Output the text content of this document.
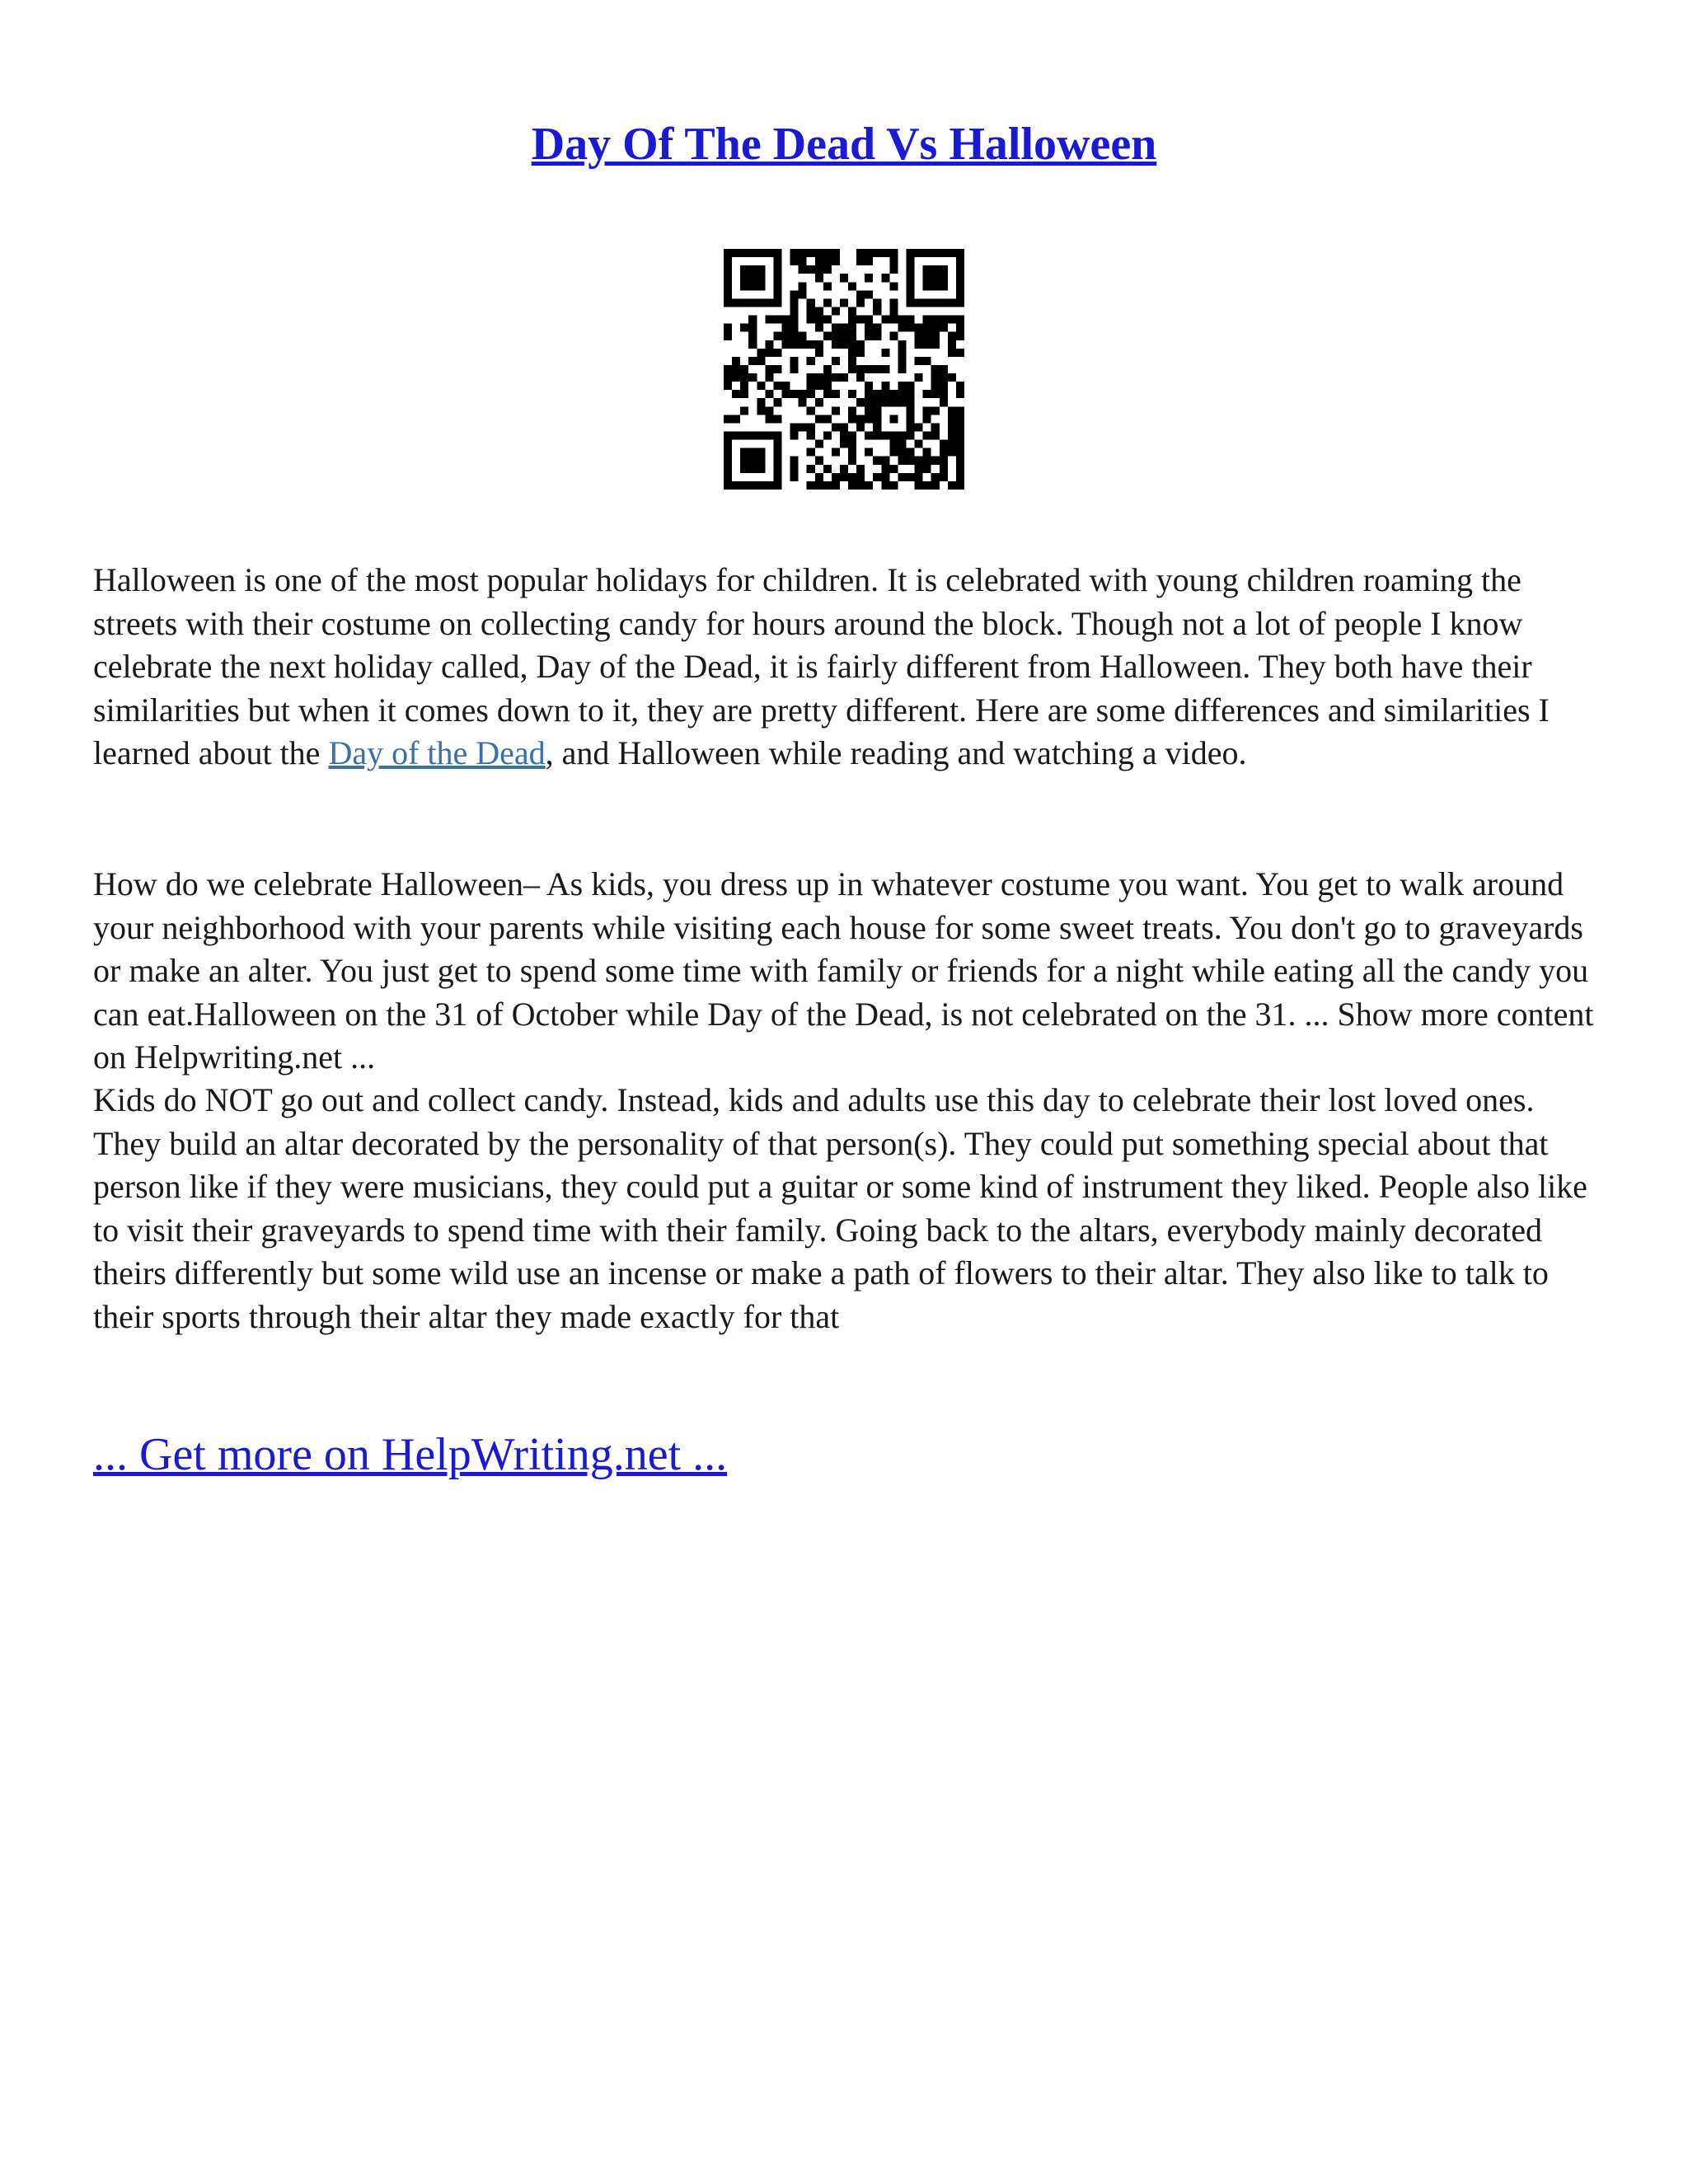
Day Of The Dead Vs Halloween

Halloween is one of the most popular holidays for children. It is celebrated with young children roaming the streets with their costume on collecting candy for hours around the block. Though not a lot of people I know celebrate the next holiday called, Day of the Dead, it is fairly different from Halloween. They both have their similarities but when it comes down to it, they are pretty different. Here are some differences and similarities I learned about the Day of the Dead, and Halloween while reading and watching a video.

How do we celebrate Halloween– As kids, you dress up in whatever costume you want. You get to walk around your neighborhood with your parents while visiting each house for some sweet treats. You don't go to graveyards or make an alter. You just get to spend some time with family or friends for a night while eating all the candy you can eat.Halloween on the 31 of October while Day of the Dead, is not celebrated on the 31. ... Show more content on Helpwriting.net ...

Kids do NOT go out and collect candy. Instead, kids and adults use this day to celebrate their lost loved ones. They build an altar decorated by the personality of that person(s). They could put something special about that person like if they were musicians, they could put a guitar or some kind of instrument they liked. People also like to visit their graveyards to spend time with their family. Going back to the altars, everybody mainly decorated theirs differently but some wild use an incense or make a path of flowers to their altar. They also like to talk to their sports through their altar they made exactly for that

... Get more on HelpWriting.net ...
